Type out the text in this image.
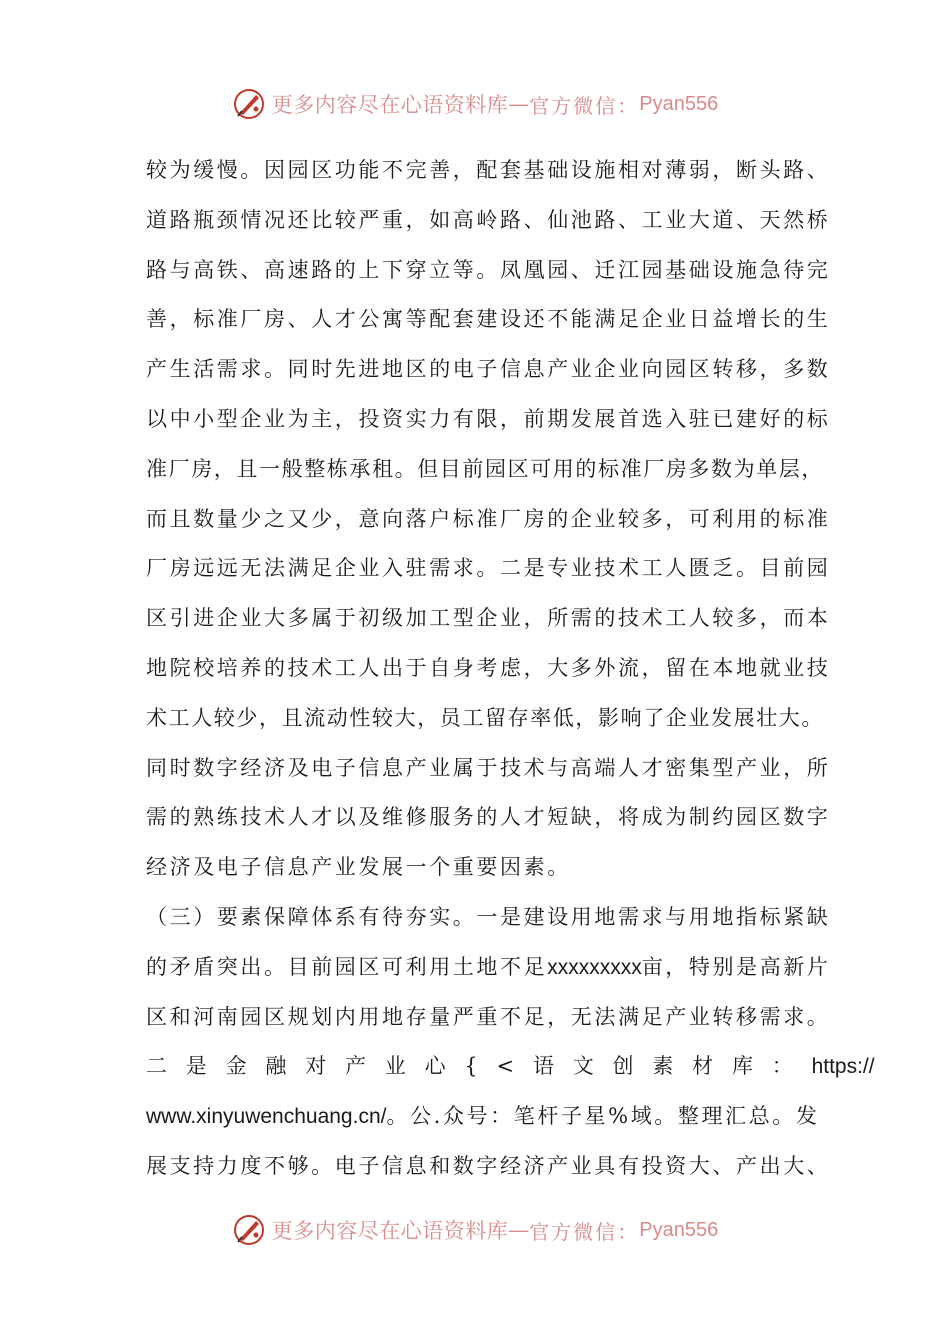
更多内容尽在心语资料库 — 官方微信： Pyan556
较为缓慢。因园区功能不完善，配套基础设施相对薄弱，断头路、
道路瓶颈情况还比较严重，如高岭路、仙池路、工业大道、天然桥
路与高铁、高速路的上下穿立等。凤凰园、迁江园基础设施急待完
善，标准厂房、人才公寓等配套建设还不能满足企业日益增长的生
产生活需求。同时先进地区的电子信息产业企业向园区转移，多数
以中小型企业为主，投资实力有限，前期发展首选入驻已建好的标
准厂房，且一般整栋承租。但目前园区可用的标准厂房多数为单层，
而且数量少之又少，意向落户标准厂房的企业较多，可利用的标准
厂房远远无法满足企业入驻需求。二是专业技术工人匮乏。目前园
区引进企业大多属于初级加工型企业，所需的技术工人较多，而本
地院校培养的技术工人出于自身考虑，大多外流，留在本地就业技
术工人较少，且流动性较大，员工留存率低，影响了企业发展壮大。
同时数字经济及电子信息产业属于技术与高端人才密集型产业，所
需的熟练技术人才以及维修服务的人才短缺，将成为制约园区数字
经济及电子信息产业发展一个重要因素。
（三）要素保障体系有待夯实。一是建设用地需求与用地指标紧缺
的矛盾突出。目前园区可利用土地不足xxxxxxxxx亩，特别是高新片
区和河南园区规划内用地存量严重不足，无法满足产业转移需求。
二是金融对产业心{<语文创素材库：https://
www.xinyuwenchuang.cn/。公.众号：笔杆子星%域。整理汇总。发
展支持力度不够。电子信息和数字经济产业具有投资大、产出大、
更多内容尽在心语资料库 — 官方微信： Pyan556
